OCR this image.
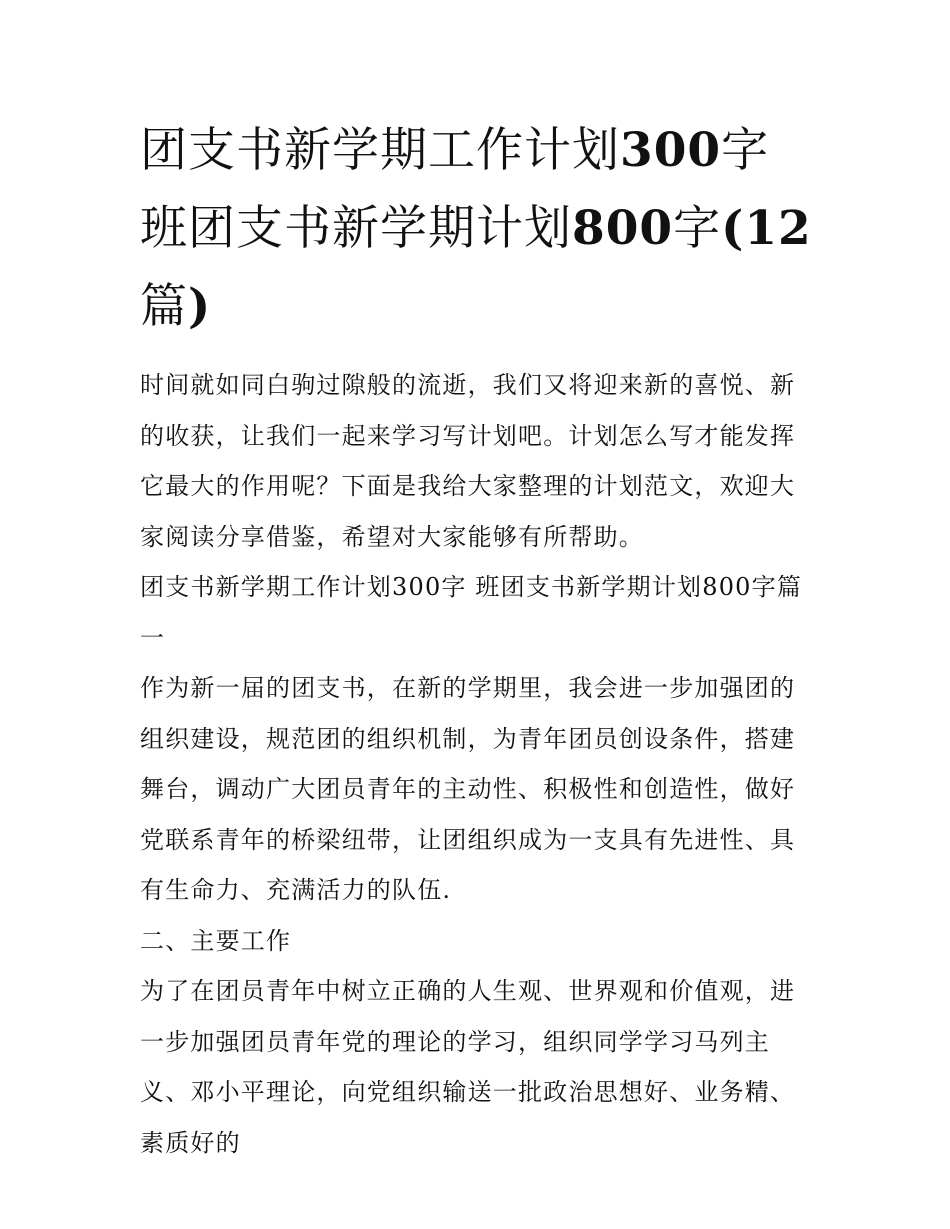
团支书新学期工作计划300字 班团支书新学期计划800字(12篇)

时间就如同白驹过隙般的流逝，我们又将迎来新的喜悦、新的收获，让我们一起来学习写计划吧。计划怎么写才能发挥它最大的作用呢？下面是我给大家整理的计划范文，欢迎大家阅读分享借鉴，希望对大家能够有所帮助。

团支书新学期工作计划300字 班团支书新学期计划800字篇一

作为新一届的团支书，在新的学期里，我会进一步加强团的组织建设，规范团的组织机制，为青年团员创设条件，搭建舞台，调动广大团员青年的主动性、积极性和创造性，做好党联系青年的桥梁纽带，让团组织成为一支具有先进性、具有生命力、充满活力的队伍.

二、主要工作

为了在团员青年中树立正确的人生观、世界观和价值观，进一步加强团员青年党的理论的学习，组织同学学习马列主义、邓小平理论，向党组织输送一批政治思想好、业务精、素质好的
